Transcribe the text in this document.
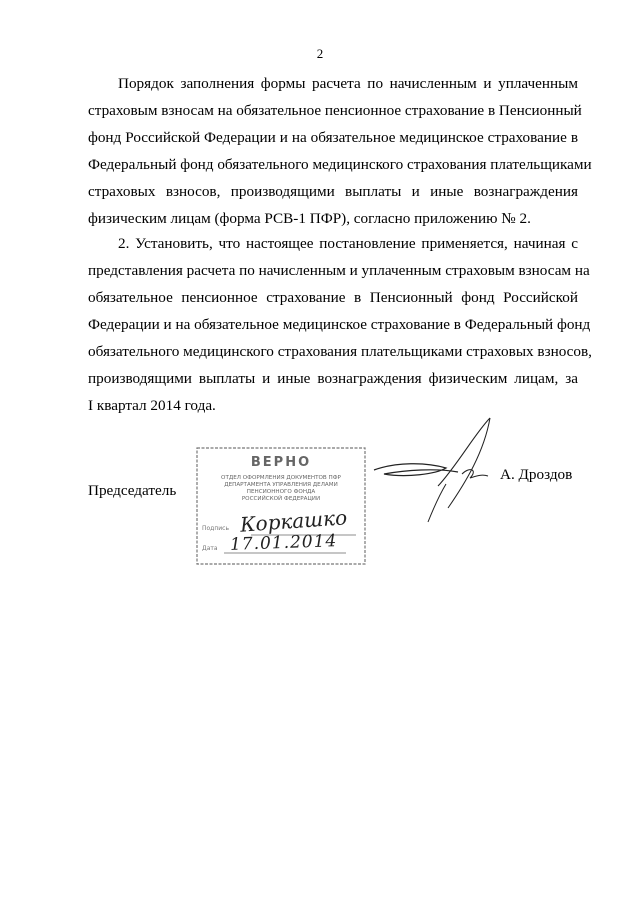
2
Порядок заполнения формы расчета по начисленным и уплаченным
страховым взносам на обязательное пенсионное страхование в Пенсионный
фонд Российской Федерации и на обязательное медицинское страхование в
Федеральный фонд обязательного медицинского страхования плательщиками
страховых взносов, производящими выплаты и иные вознаграждения
физическим лицам (форма РСВ-1 ПФР), согласно приложению № 2.
2. Установить, что настоящее постановление применяется, начиная с
представления расчета по начисленным и уплаченным страховым взносам на
обязательное пенсионное страхование в Пенсионный фонд Российской
Федерации и на обязательное медицинское страхование в Федеральный фонд
обязательного медицинского страхования плательщиками страховых взносов,
производящими выплаты и иные вознаграждения физическим лицам, за
I квартал 2014 года.
Председатель
ВЕРНО
ОТДЕЛ ОФОРМЛЕНИЯ ДОКУМЕНТОВ ПФР
ДЕПАРТАМЕНТА УПРАВЛЕНИЯ ДЕЛАМИ
ПЕНСИОННОГО ФОНДА
РОССИЙСКОЙ ФЕДЕРАЦИИ
Подпись
Дата
Коркашко
17.01.2014
А. Дроздов
